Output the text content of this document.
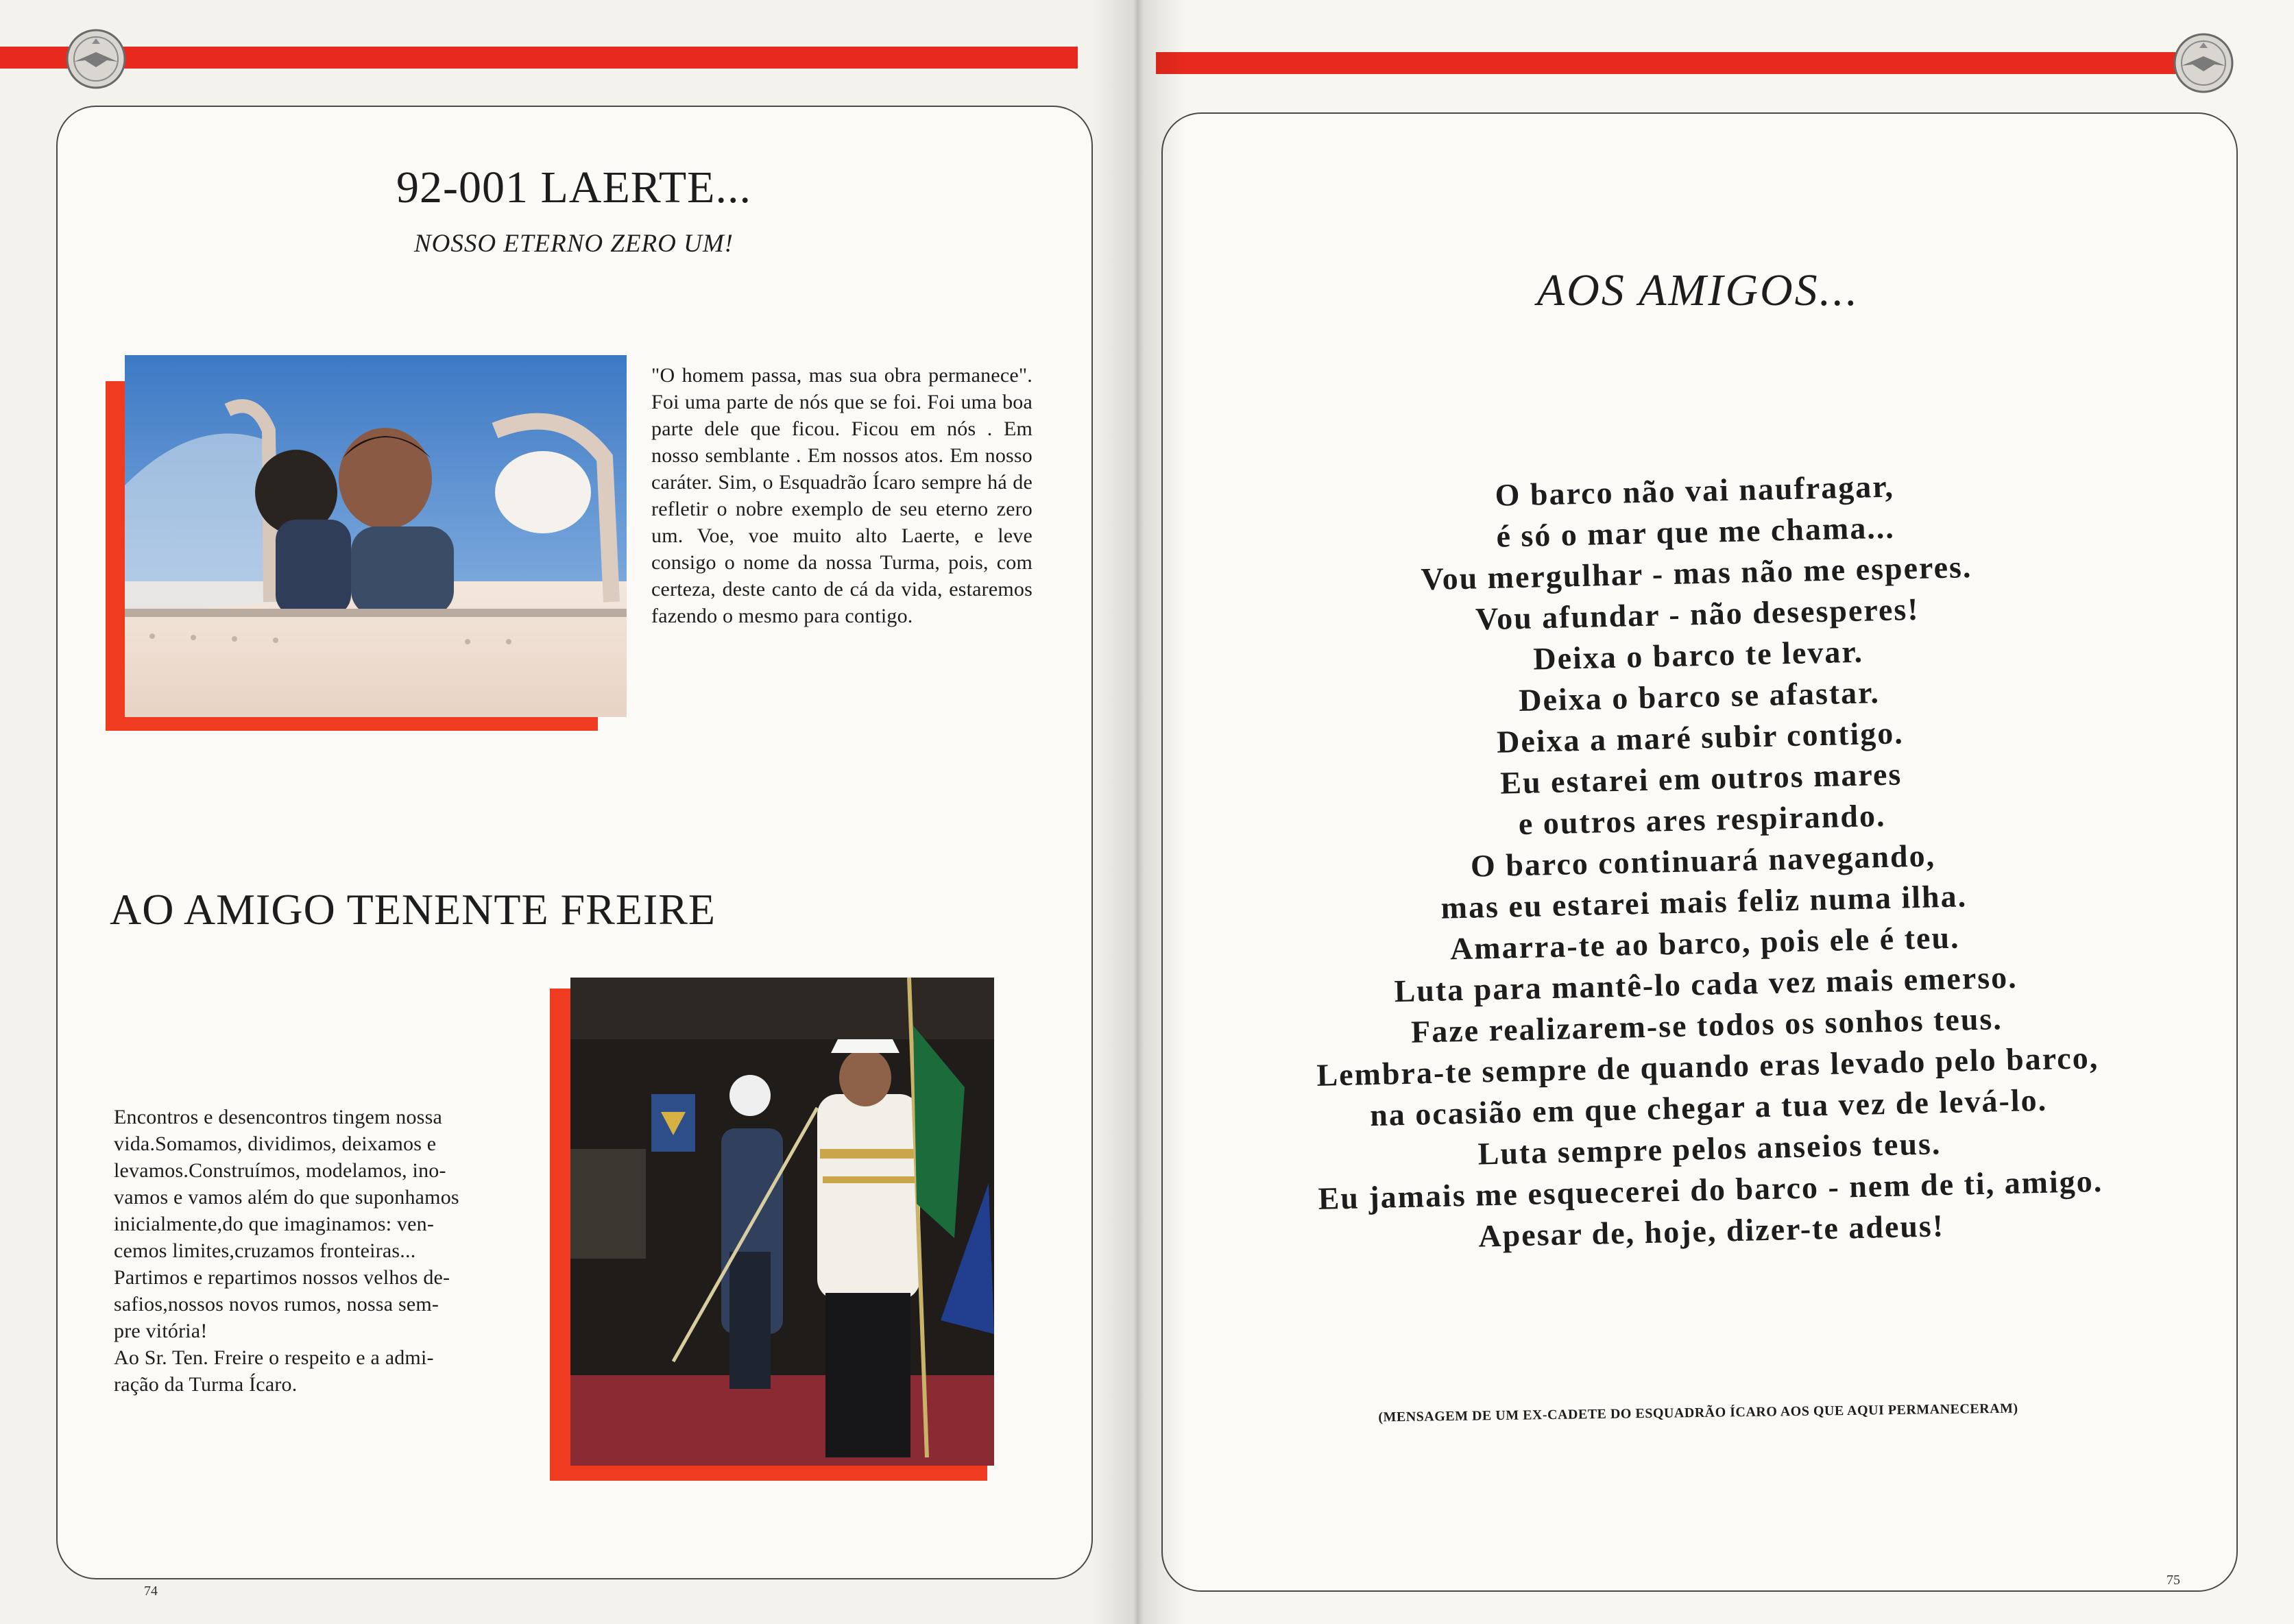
92-001 LAERTE...

NOSSO ETERNO ZERO UM!

"O homem passa, mas sua obra permanece". Foi uma parte de nós que se foi. Foi uma boa parte dele que ficou. Ficou em nós . Em nosso semblante . Em nossos atos. Em nosso caráter. Sim, o Esquadrão Ícaro sempre há de refletir o nobre exemplo de seu eterno zero um. Voe, voe muito alto Laerte, e leve consigo o nome da nossa Turma, pois, com certeza, deste canto de cá da vida, estaremos fazendo o mesmo para contigo.

AO AMIGO TENENTE FREIRE

Encontros e desencontros tingem nossa
vida.Somamos, dividimos, deixamos e
levamos.Construímos, modelamos, ino-
vamos e vamos além do que suponhamos
inicialmente,do que imaginamos: ven-
cemos limites,cruzamos fronteiras...
Partimos e repartimos nossos velhos de-
safios,nossos novos rumos, nossa sem-
pre vitória!
Ao Sr. Ten. Freire o respeito e a admi-
ração da Turma Ícaro.

74
AOS AMIGOS...
O barco não vai naufragar,
é só o mar que me chama...
Vou mergulhar - mas não me esperes.
Vou afundar - não desesperes!
Deixa o barco te levar.
Deixa o barco se afastar.
Deixa a maré subir contigo.
Eu estarei em outros mares
e outros ares respirando.
O barco continuará navegando,
mas eu estarei mais feliz numa ilha.
Amarra-te ao barco, pois ele é teu.
Luta para mantê-lo cada vez mais emerso.
Faze realizarem-se todos os sonhos teus.
Lembra-te sempre de quando eras levado pelo barco,
na ocasião em que chegar a tua vez de levá-lo.
Luta sempre pelos anseios teus.
Eu jamais me esquecerei do barco - nem de ti, amigo.
Apesar de, hoje, dizer-te adeus!

(MENSAGEM DE UM EX-CADETE DO ESQUADRÃO ÍCARO AOS QUE AQUI PERMANECERAM)

75
